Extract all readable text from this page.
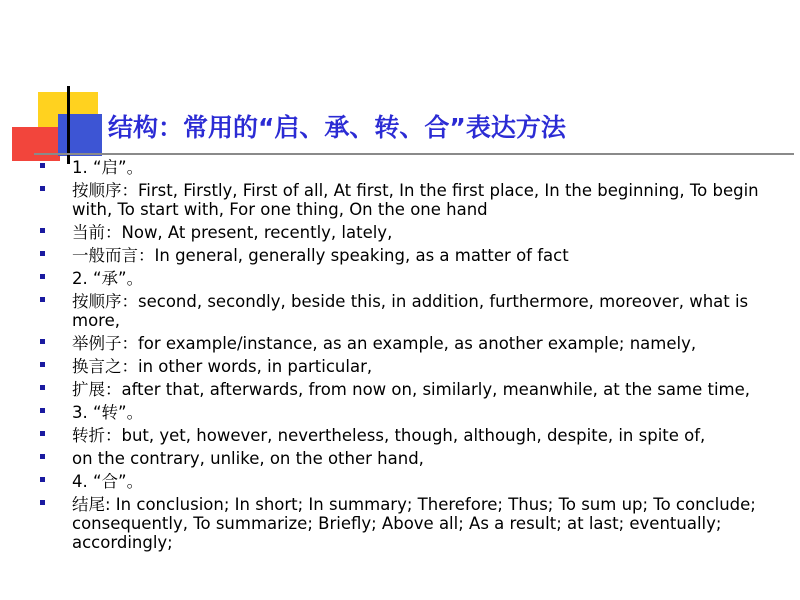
结构：常用的“启、承、转、合”表达方法
1. “启”。
按顺序：First, Firstly, First of all, At first, In the first place, In the beginning, To begin with, To start with, For one thing, On the one hand
当前：Now, At present, recently, lately,
一般而言：In general, generally speaking, as a matter of fact
2. “承”。
按顺序：second, secondly, beside this, in addition, furthermore, moreover, what is more,
举例子：for example/instance, as an example, as another example; namely,
换言之：in other words, in particular,
扩展：after that, afterwards, from now on, similarly, meanwhile, at the same time,
3. “转”。
转折：but, yet, however, nevertheless, though, although, despite, in spite of,
on the contrary, unlike, on the other hand,
4. “合”。
结尾: In conclusion; In short; In summary; Therefore; Thus; To sum up; To conclude; consequently, To summarize; Briefly; Above all; As a result; at last; eventually; accordingly;
